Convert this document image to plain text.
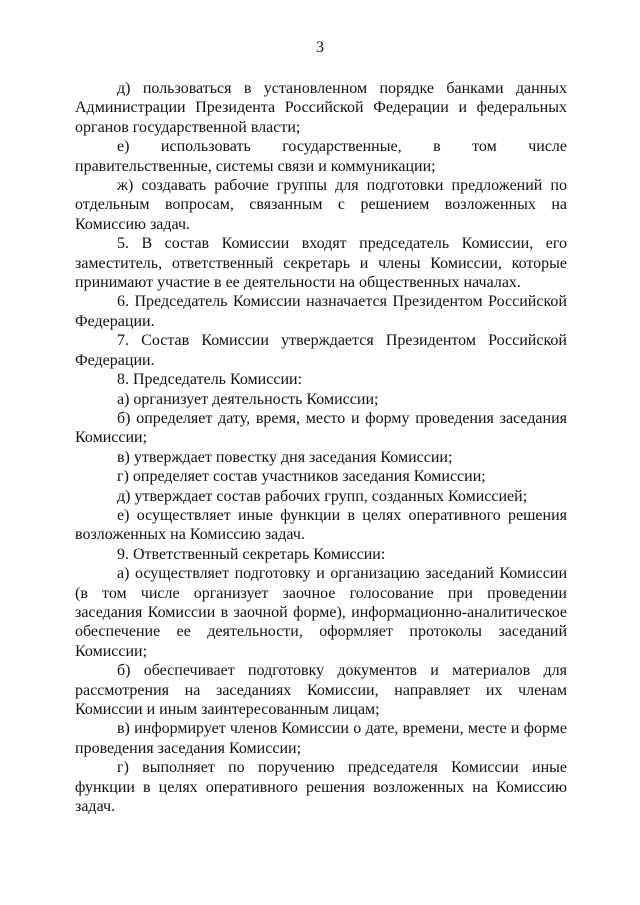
3

д) пользоваться в установленном порядке банками данных Администрации Президента Российской Федерации и федеральных органов государственной власти;

е) использовать государственные, в том числе правительственные, системы связи и коммуникации;

ж) создавать рабочие группы для подготовки предложений по отдельным вопросам, связанным с решением возложенных на Комиссию задач.

5. В состав Комиссии входят председатель Комиссии, его заместитель, ответственный секретарь и члены Комиссии, которые принимают участие в ее деятельности на общественных началах.

6. Председатель Комиссии назначается Президентом Российской Федерации.

7. Состав Комиссии утверждается Президентом Российской Федерации.

8. Председатель Комиссии:

а) организует деятельность Комиссии;

б) определяет дату, время, место и форму проведения заседания Комиссии;

в) утверждает повестку дня заседания Комиссии;

г) определяет состав участников заседания Комиссии;

д) утверждает состав рабочих групп, созданных Комиссией;

е) осуществляет иные функции в целях оперативного решения возложенных на Комиссию задач.

9. Ответственный секретарь Комиссии:

а) осуществляет подготовку и организацию заседаний Комиссии (в том числе организует заочное голосование при проведении заседания Комиссии в заочной форме), информационно-аналитическое обеспечение ее деятельности, оформляет протоколы заседаний Комиссии;

б) обеспечивает подготовку документов и материалов для рассмотрения на заседаниях Комиссии, направляет их членам Комиссии и иным заинтересованным лицам;

в) информирует членов Комиссии о дате, времени, месте и форме проведения заседания Комиссии;

г) выполняет по поручению председателя Комиссии иные функции в целях оперативного решения возложенных на Комиссию задач.
